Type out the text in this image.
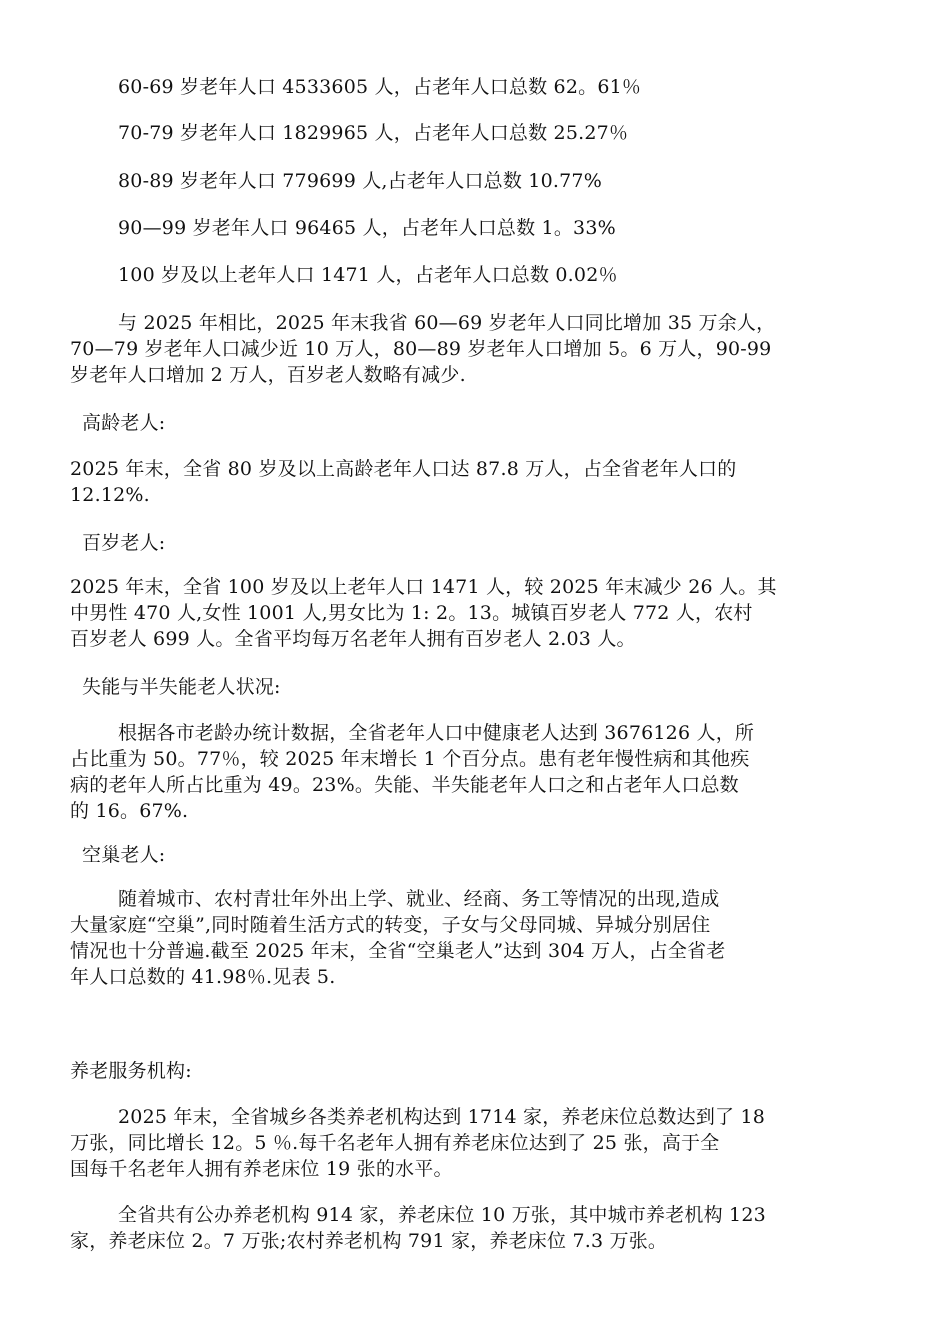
60-69 岁老年人口 4533605 人，占老年人口总数 62。61％
70-79 岁老年人口 1829965 人，占老年人口总数 25.27％
80-89 岁老年人口 779699 人,占老年人口总数 10.77%
90—99 岁老年人口 96465 人，占老年人口总数 1。33%
100 岁及以上老年人口 1471 人，占老年人口总数 0.02％
与 2025 年相比，2025 年末我省 60—69 岁老年人口同比增加 35 万余人，
70—79 岁老年人口减少近 10 万人，80—89 岁老年人口增加 5。6 万人，90-99
岁老年人口增加 2 万人，百岁老人数略有减少.
高龄老人:
2025 年末，全省 80 岁及以上高龄老年人口达 87.8 万人，占全省老年人口的
12.12%.
百岁老人:
2025 年末，全省 100 岁及以上老年人口 1471 人，较 2025 年末减少 26 人。其
中男性 470 人,女性 1001 人,男女比为 1: 2。13。城镇百岁老人 772 人，农村
百岁老人 699 人。全省平均每万名老年人拥有百岁老人 2.03 人。
失能与半失能老人状况:
根据各市老龄办统计数据，全省老年人口中健康老人达到 3676126 人，所
占比重为 50。77％，较 2025 年末增长 1 个百分点。患有老年慢性病和其他疾
病的老年人所占比重为 49。23%。失能、半失能老年人口之和占老年人口总数
的 16。67%.
空巢老人:
随着城市、农村青壮年外出上学、就业、经商、务工等情况的出现,造成
大量家庭“空巢”,同时随着生活方式的转变，子女与父母同城、异城分别居住
情况也十分普遍.截至 2025 年末，全省“空巢老人”达到 304 万人，占全省老
年人口总数的 41.98％.见表 5.
养老服务机构:
2025 年末，全省城乡各类养老机构达到 1714 家，养老床位总数达到了 18
万张，同比增长 12。5 ％.每千名老年人拥有养老床位达到了 25 张，高于全
国每千名老年人拥有养老床位 19 张的水平。
全省共有公办养老机构 914 家，养老床位 10 万张，其中城市养老机构 123
家，养老床位 2。7 万张;农村养老机构 791 家，养老床位 7.3 万张。
